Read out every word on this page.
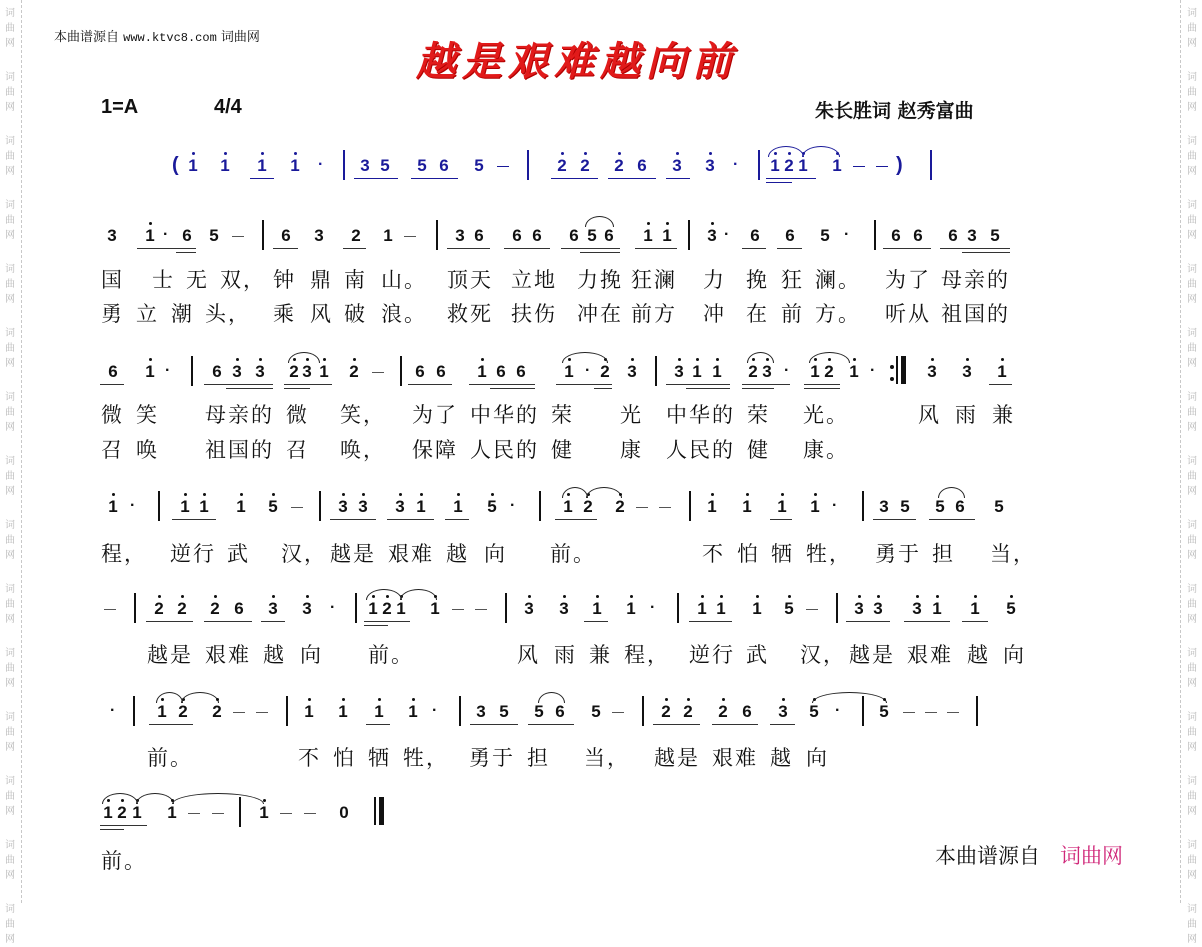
词
曲
网
词
曲
网
词
曲
网
词
曲
网
词
曲
网
词
曲
网
词
曲
网
词
曲
网
词
曲
网
词
曲
网
词
曲
网
词
曲
网
词
曲
网
词
曲
网
词
曲
网
词
曲
网
词
曲
网
词
曲
网
词
曲
网
词
曲
网
词
曲
网
词
曲
网
词
曲
网
词
曲
网
词
曲
网
词
曲
网
词
曲
网
词
曲
网
词
曲
网
词
曲
网
本曲谱源自 www.ktvc8.com 词曲网
越是艰难越向前
1=A	4/4	朱长胜词 赵秀富曲
( 1 1 1 1 · 3 5 5 6 5	2 2 2 6 3 3 · 1 2 1 1	)
3 1 · 6 5	6 3 2 1	3 6 6 6 6 5 6 1 1 3 · 6 6 5 · 6 6 6 3 5
6 1 · 6 3 3 2 3 1 2	6 6 1 6 6 1 · 2 3 3 1 1 2 3 · 1 2 1 ·	3 3 1
1 ·	1 1 1 5	3 3 3 1 1 5 ·	1 2 2	1 1 1 1 · 3 5 5 6 5
2 2 2 6 3 3 · 1 2 1 1	3 3 1 1 · 1 1 1 5	3 3 3 1 1 5
· 1 2 2	1 1 1 1 · 3 5 5 6 5	2 2 2 6 3 5 · 5
1 2 1 1	1	0
国 士 无 双， 钟 鼎 南 山。 顶天 立地 力挽 狂澜 力 挽 狂 澜。 为了 母亲的
勇 立 潮 头， 乘 风 破 浪。 救死 扶伤 冲在 前方 冲 在 前 方。 听从 祖国的
微 笑 母亲的 微 笑， 为了 中华的 荣 光 中华的 荣 光。	风 雨 兼
召 唤 祖国的 召 唤， 保障 人民的 健 康 人民的 健 康。
程， 逆行 武 汉， 越是 艰难 越 向 前。	不 怕 牺 牲， 勇于 担 当，
越是 艰难 越 向 前。	风 雨 兼 程， 逆行 武 汉， 越是 艰难 越 向
前。	不 怕 牺 牲， 勇于 担 当， 越是 艰难 越 向
前。	本曲谱源自 词曲网
